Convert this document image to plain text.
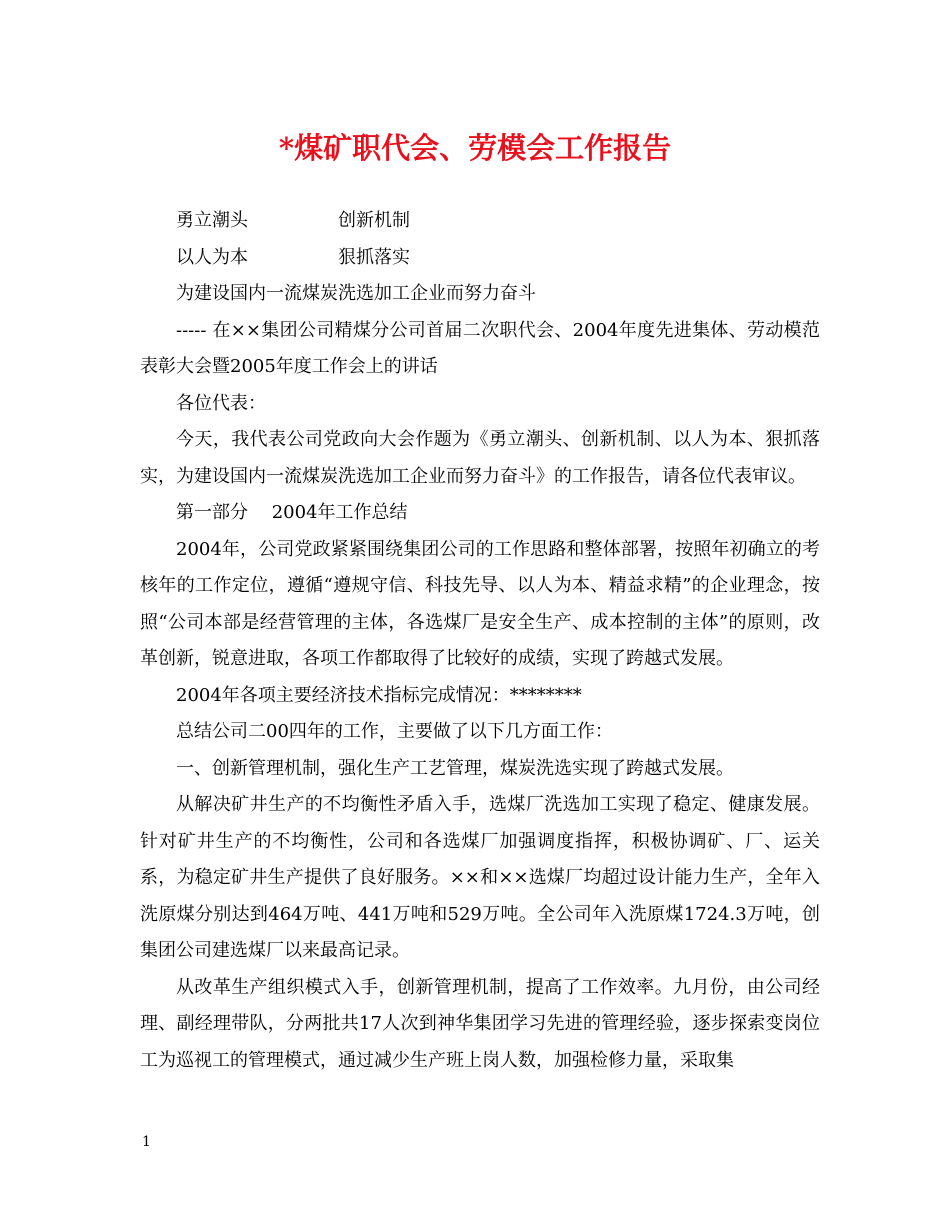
*煤矿职代会、劳模会工作报告

勇立潮头	创新机制

以人为本	狠抓落实

为建设国内一流煤炭洗选加工企业而努力奋斗

----- 在××集团公司精煤分公司首届二次职代会、2004年度先进集体、劳动模范表彰大会暨2005年度工作会上的讲话

各位代表：

今天，我代表公司党政向大会作题为《勇立潮头、创新机制、以人为本、狠抓落实，为建设国内一流煤炭洗选加工企业而努力奋斗》的工作报告，请各位代表审议。

第一部分　 2004年工作总结

2004年，公司党政紧紧围绕集团公司的工作思路和整体部署，按照年初确立的考核年的工作定位，遵循“遵规守信、科技先导、以人为本、精益求精”的企业理念，按照“公司本部是经营管理的主体，各选煤厂是安全生产、成本控制的主体”的原则，改革创新，锐意进取，各项工作都取得了比较好的成绩，实现了跨越式发展。

2004年各项主要经济技术指标完成情况：********

总结公司二00四年的工作，主要做了以下几方面工作：

一、创新管理机制，强化生产工艺管理，煤炭洗选实现了跨越式发展。

从解决矿井生产的不均衡性矛盾入手，选煤厂洗选加工实现了稳定、健康发展。针对矿井生产的不均衡性，公司和各选煤厂加强调度指挥，积极协调矿、厂、运关系，为稳定矿井生产提供了良好服务。××和××选煤厂均超过设计能力生产，全年入洗原煤分别达到464万吨、441万吨和529万吨。全公司年入洗原煤1724.3万吨，创集团公司建选煤厂以来最高记录。

从改革生产组织模式入手，创新管理机制，提高了工作效率。九月份，由公司经理、副经理带队，分两批共17人次到神华集团学习先进的管理经验，逐步探索变岗位工为巡视工的管理模式，通过减少生产班上岗人数，加强检修力量，采取集

1
